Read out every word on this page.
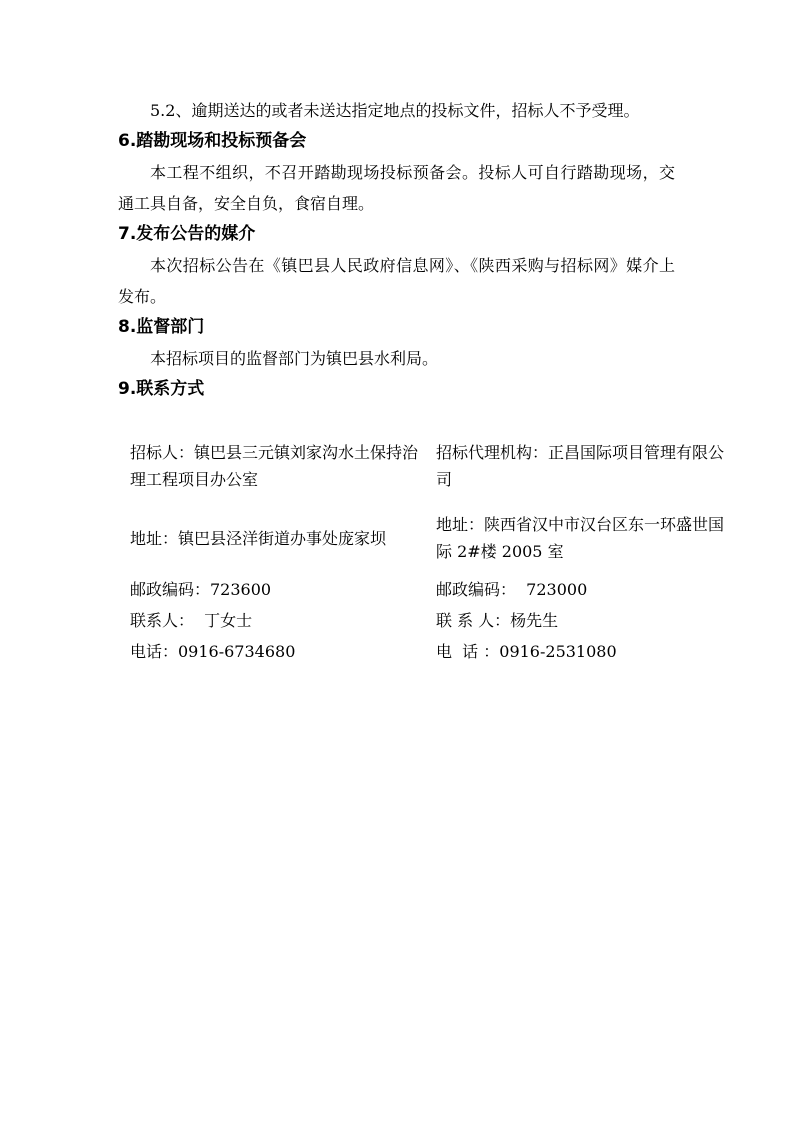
5.2、逾期送达的或者未送达指定地点的投标文件，招标人不予受理。

6.踏勘现场和投标预备会

本工程不组织，不召开踏勘现场投标预备会。投标人可自行踏勘现场，交通工具自备，安全自负，食宿自理。

7.发布公告的媒介

本次招标公告在《镇巴县人民政府信息网》、《陕西采购与招标网》媒介上发布。

8.监督部门

本招标项目的监督部门为镇巴县水利局。

9.联系方式
招标人：镇巴县三元镇刘家沟水土保持治理工程项目办公室	招标代理机构：正昌国际项目管理有限公司
地址：镇巴县泾洋街道办事处庞家坝	地址：陕西省汉中市汉台区东一环盛世国际 2#楼 2005 室
邮政编码：723600	邮政编码：  723000
联系人：  丁女士	联 系 人：杨先生
电话：0916-6734680	电  话 ：0916-2531080
